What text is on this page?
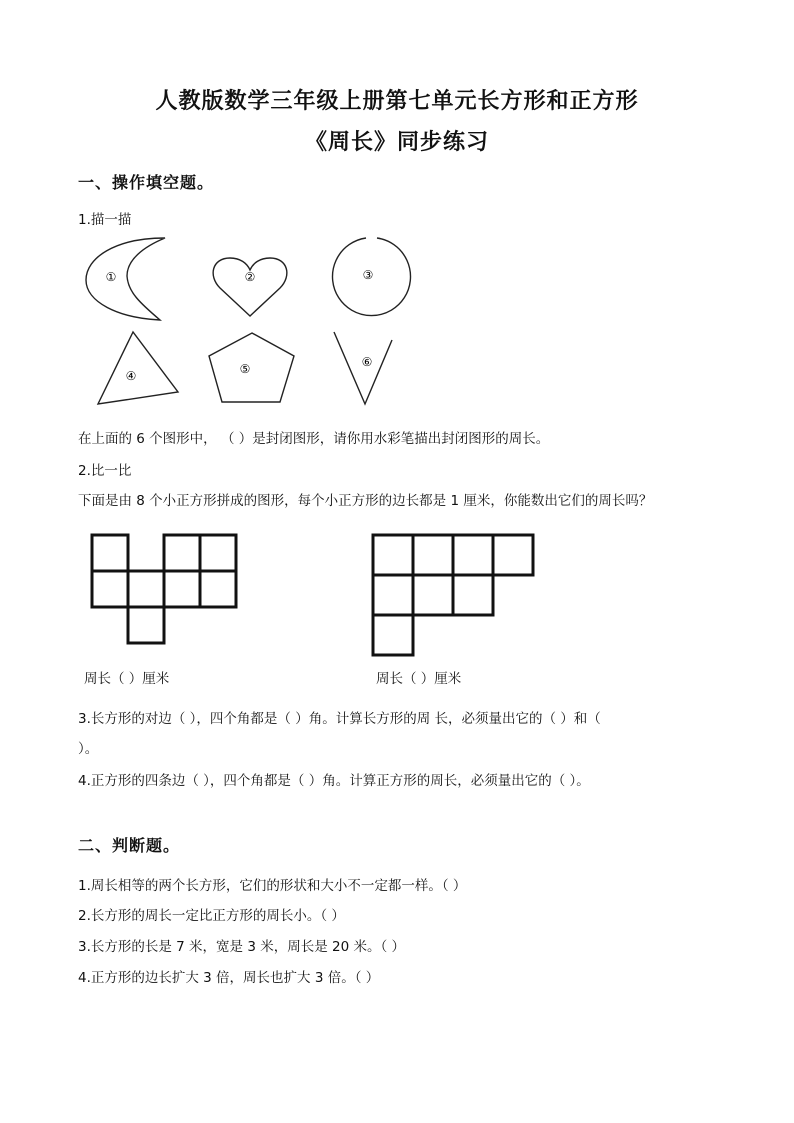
人教版数学三年级上册第七单元长方形和正方形
《周长》同步练习
一、操作填空题。
1.描一描
①	②	③
④	⑤	⑥
在上面的 6 个图形中， （ ）是封闭图形，请你用水彩笔描出封闭图形的周长。
2.比一比
下面是由 8 个小正方形拼成的图形，每个小正方形的边长都是 1 厘米，你能数出它们的周长吗？
周长（ ）厘米	周长（ ）厘米
3.长方形的对边（ ），四个角都是（ ）角。计算长方形的周 长，必须量出它的（ ）和（
）。
4.正方形的四条边（ ），四个角都是（ ）角。计算正方形的周长，必须量出它的（ ）。
二、判断题。
1.周长相等的两个长方形，它们的形状和大小不一定都一样。（ ）
2.长方形的周长一定比正方形的周长小。（ ）
3.长方形的长是 7 米，宽是 3 米，周长是 20 米。（ ）
4.正方形的边长扩大 3 倍，周长也扩大 3 倍。（ ）
